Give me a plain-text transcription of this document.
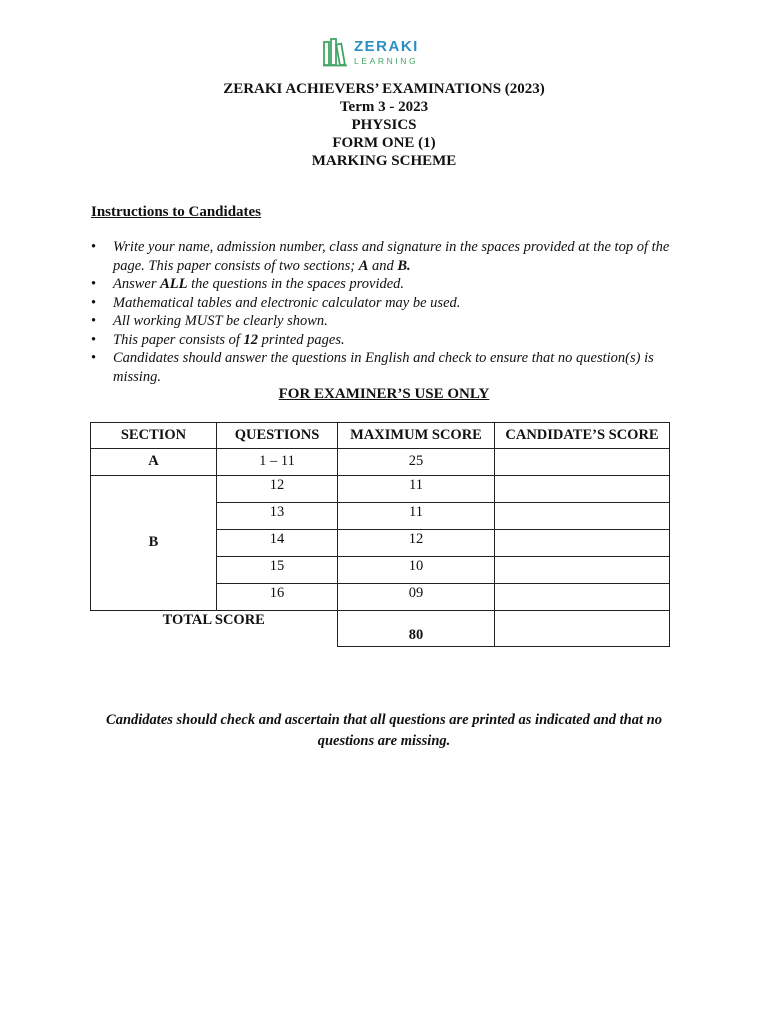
ZERAKI
LEARNING
ZERAKI ACHIEVERS’ EXAMINATIONS (2023)
Term 3 - 2023
PHYSICS
FORM ONE (1)
MARKING SCHEME
Instructions to Candidates
• Write your name, admission number, class and signature in the spaces provided at the top of the page. This paper consists of two sections; A and B.
• Answer ALL the questions in the spaces provided.
• Mathematical tables and electronic calculator may be used.
• All working MUST be clearly shown.
• This paper consists of 12 printed pages.
• Candidates should answer the questions in English and check to ensure that no question(s) is missing.
FOR EXAMINER’S USE ONLY
SECTION	QUESTIONS	MAXIMUM SCORE	CANDIDATE’S SCORE
A	1 – 11	25	
B	12	11	
	13	11	
	14	12	
	15	10	
	16	09	
TOTAL SCORE		80	
Candidates should check and ascertain that all questions are printed as indicated and that no questions are missing.
